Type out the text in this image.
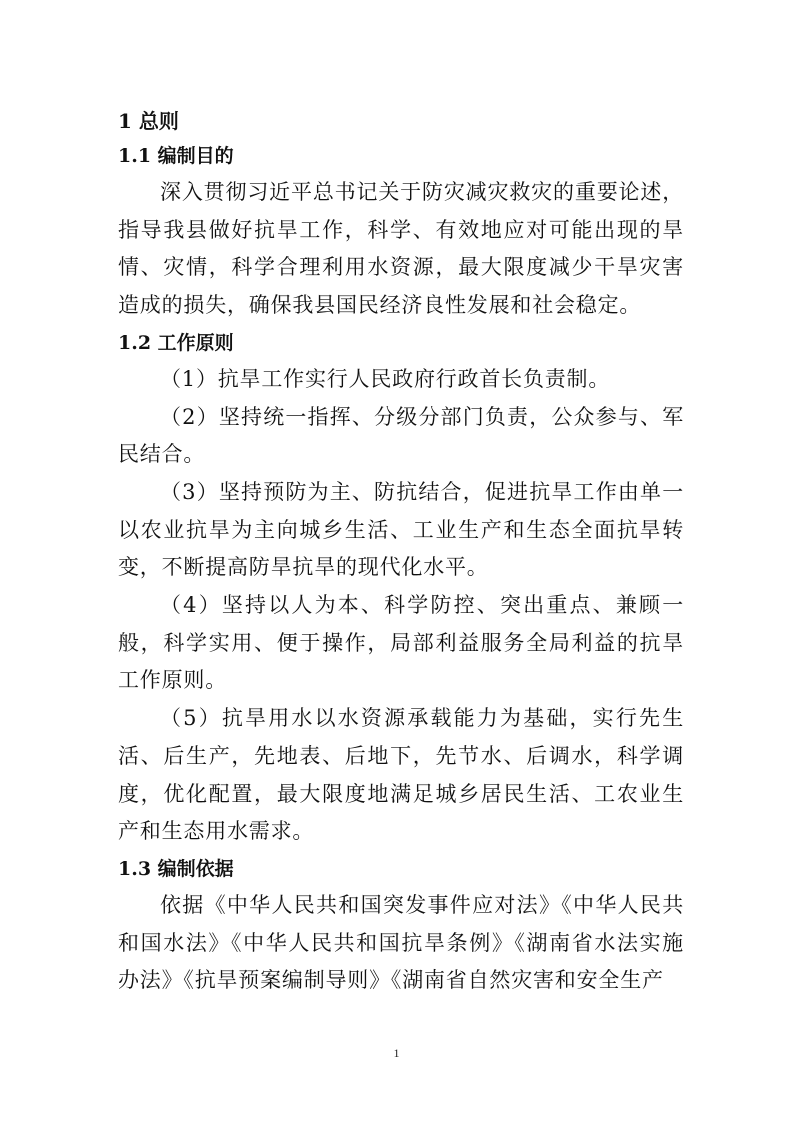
1 总则
1.1 编制目的

深入贯彻习近平总书记关于防灾减灾救灾的重要论述，指导我县做好抗旱工作，科学、有效地应对可能出现的旱情、灾情，科学合理利用水资源，最大限度减少干旱灾害造成的损失，确保我县国民经济良性发展和社会稳定。

1.2 工作原则

（1）抗旱工作实行人民政府行政首长负责制。

（2）坚持统一指挥、分级分部门负责，公众参与、军民结合。

（3）坚持预防为主、防抗结合，促进抗旱工作由单一以农业抗旱为主向城乡生活、工业生产和生态全面抗旱转变，不断提高防旱抗旱的现代化水平。

（4）坚持以人为本、科学防控、突出重点、兼顾一般，科学实用、便于操作，局部利益服务全局利益的抗旱工作原则。

（5）抗旱用水以水资源承载能力为基础，实行先生活、后生产，先地表、后地下，先节水、后调水，科学调度，优化配置，最大限度地满足城乡居民生活、工农业生产和生态用水需求。

1.3 编制依据

依据《中华人民共和国突发事件应对法》《中华人民共和国水法》《中华人民共和国抗旱条例》《湖南省水法实施办法》《抗旱预案编制导则》《湖南省自然灾害和安全生产

1
